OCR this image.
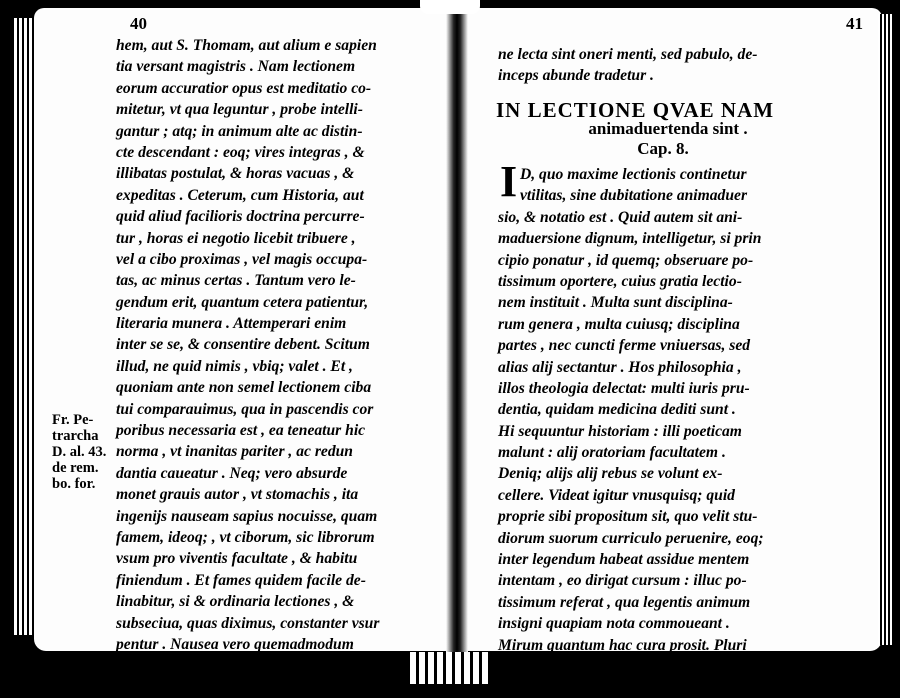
40	41
hem, aut S. Thomam, aut alium e sapien
tia versant magistris . Nam lectionem
eorum accuratior opus est meditatio co-
mitetur, vt qua leguntur , probe intelli-
gantur ; atq; in animum alte ac distin-
cte descendant : eoq; vires integras , &
illibatas postulat, & horas vacuas , &
expeditas . Ceterum, cum Historia, aut
quid aliud facilioris doctrina percurre-
tur , horas ei negotio licebit tribuere ,
vel a cibo proximas , vel magis occupa-
tas, ac minus certas . Tantum vero le-
gendum erit, quantum cetera patientur,
literaria munera . Attemperari enim
inter se se, & consentire debent. Scitum
illud, ne quid nimis , vbiq; valet . Et ,
quoniam ante non semel lectionem ciba
tui comparauimus, qua in pascendis cor
poribus necessaria est , ea teneatur hic
norma , vt inanitas pariter , ac redun
dantia caueatur . Neq; vero absurde
monet grauis autor , vt stomachis , ita
ingenijs nauseam sapius nocuisse, quam
famem, ideoq; , vt ciborum, sic librorum
vsum pro viventis facultate , & habitu
finiendum . Et fames quidem facile de-
linabitur, si & ordinaria lectiones , &
subseciua, quas diximus, constanter vsur
pentur . Nausea vero quemadmodum
occurratur , hoc est, quemadmodum fiat,
ne
Fr. Pe-
trarcha
D. al. 43.
de rem.
bo. for.
ne lecta sint oneri menti, sed pabulo, de-
inceps abunde tradetur .
IN LECTIONE QVAE NAM
animaduertenda sint .
Cap. 8.
I D, quo maxime lectionis continetur
vtilitas, sine dubitatione animaduer
sio, & notatio est . Quid autem sit ani-
maduersione dignum, intelligetur, si prin
cipio ponatur , id quemq; obseruare po-
tissimum oportere, cuius gratia lectio-
nem instituit . Multa sunt disciplina-
rum genera , multa cuiusq; disciplina
partes , nec cuncti ferme vniuersas, sed
alias alij sectantur . Hos philosophia ,
illos theologia delectat: multi iuris pru-
dentia, quidam medicina dediti sunt .
Hi sequuntur historiam : illi poeticam
malunt : alij oratoriam facultatem .
Deniq; alijs alij rebus se volunt ex-
cellere. Videat igitur vnusquisq; quid
proprie sibi propositum sit, quo velit stu-
diorum suorum curriculo peruenire, eoq;
inter legendum habeat assidue mentem
intentam , eo dirigat cursum : illuc po-
tissimum referat , qua legentis animum
insigni quapiam nota commoueant .
Mirum quantum hac cura prosit. Pluri
ma
